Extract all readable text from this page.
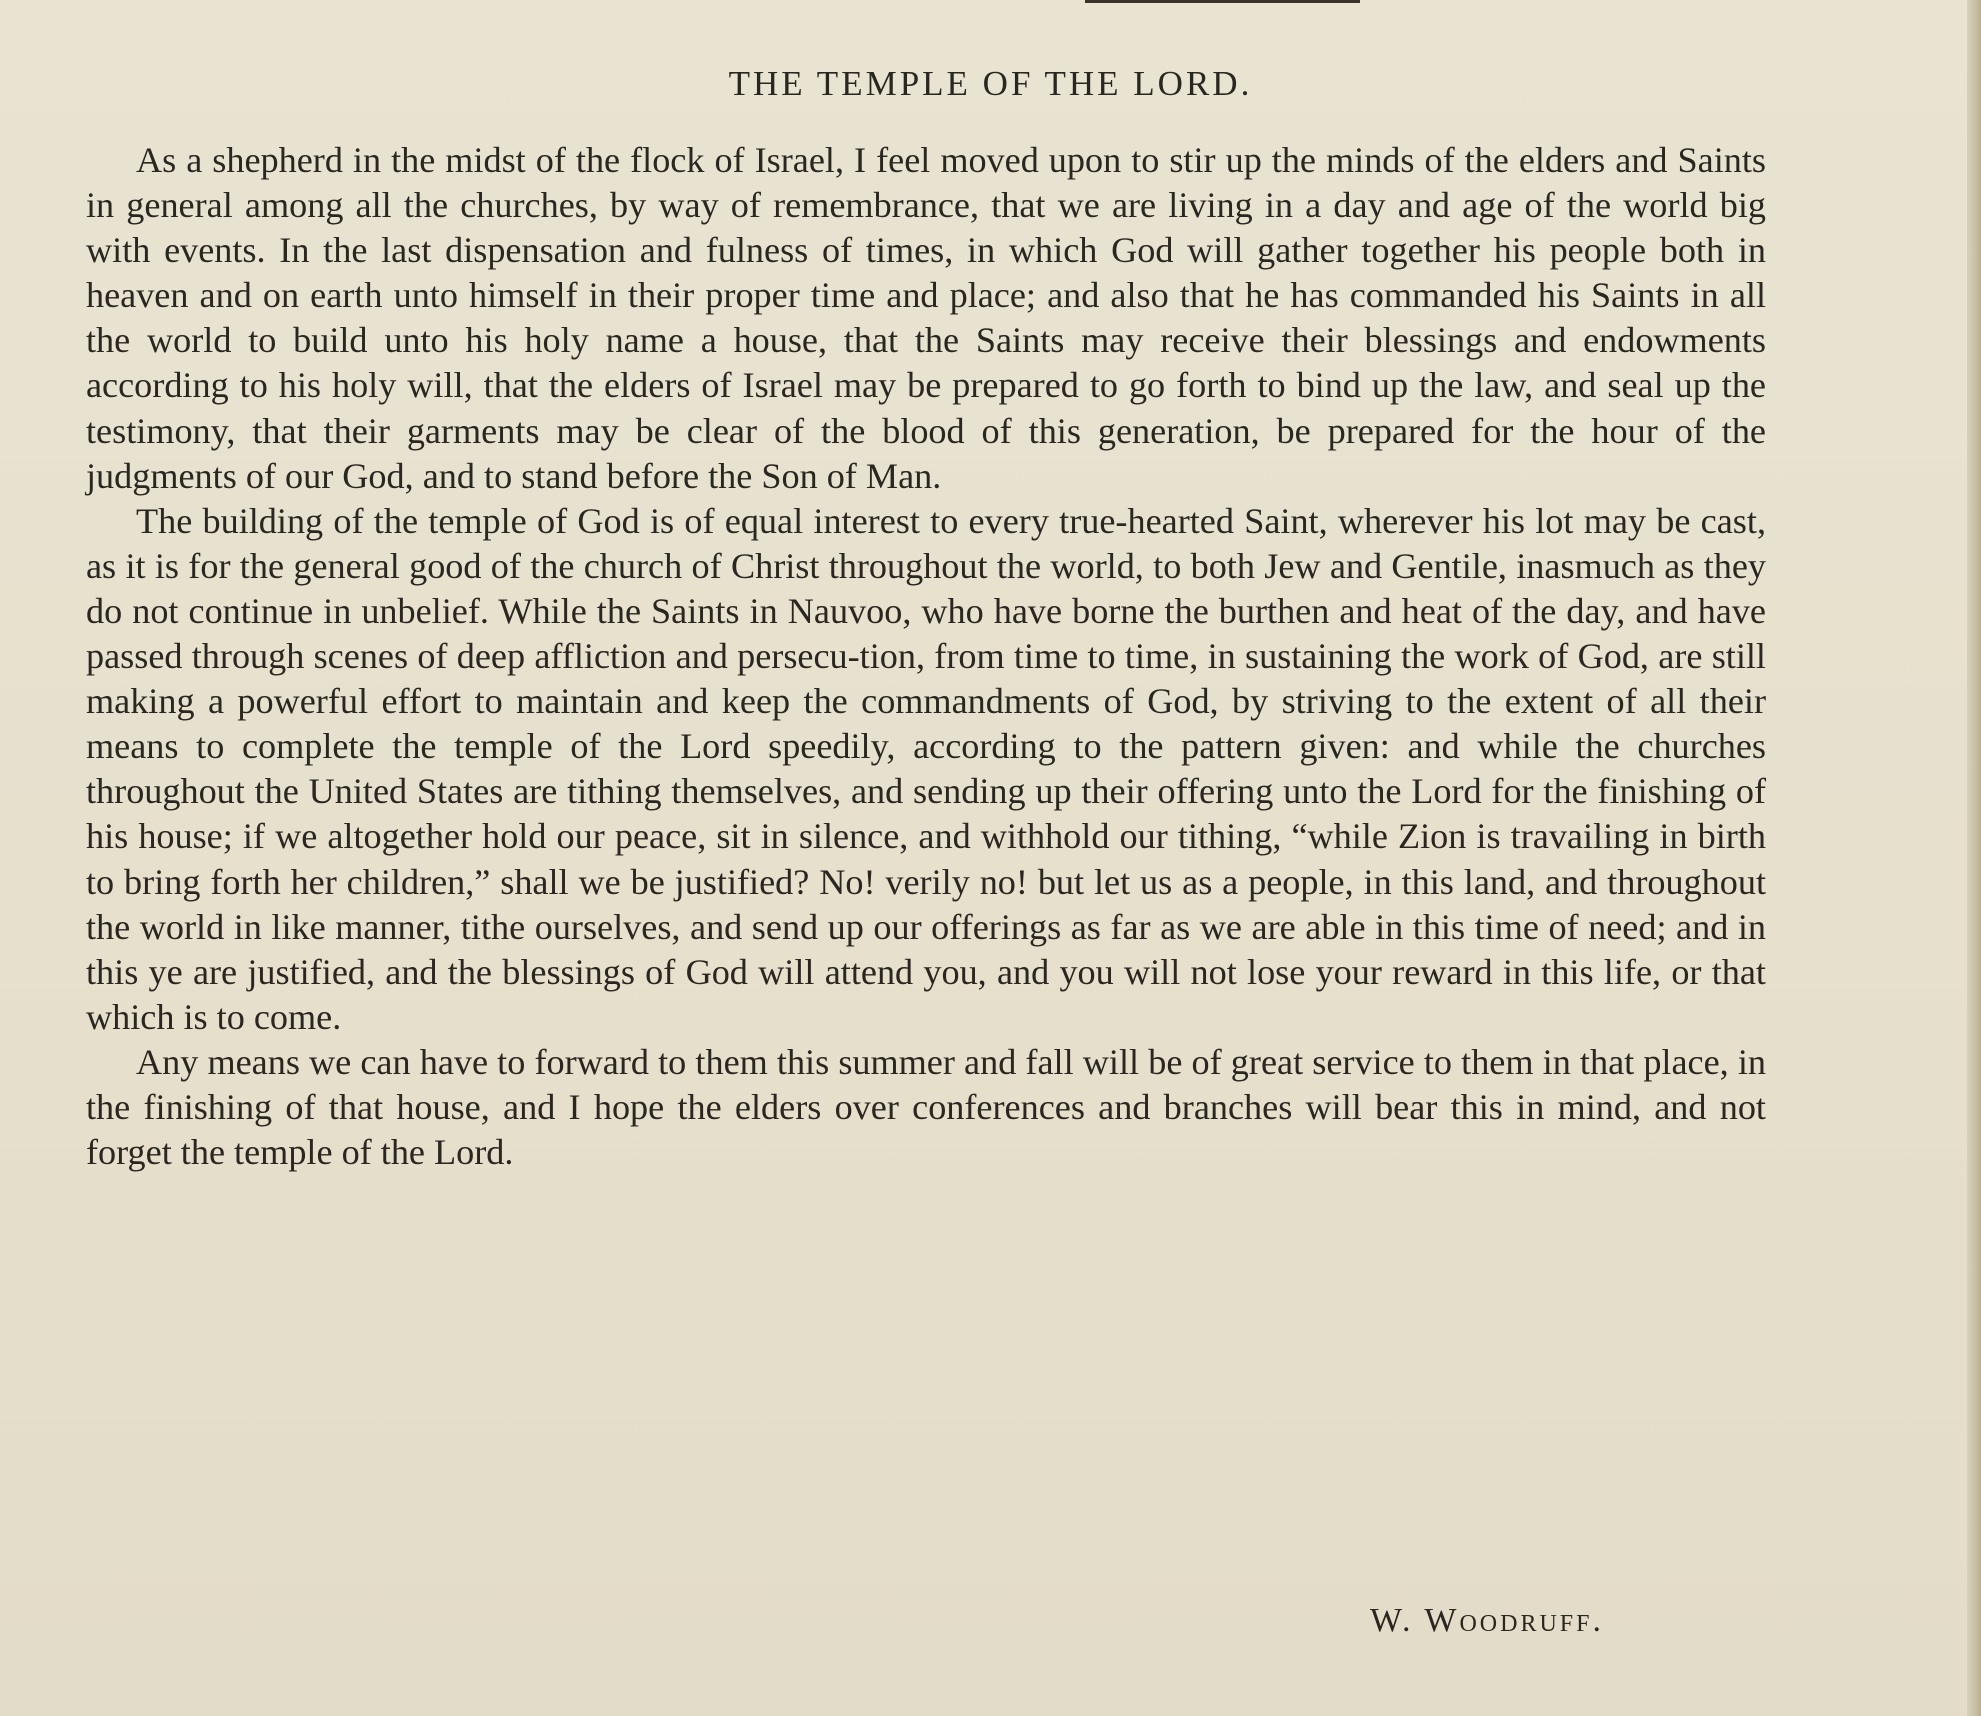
THE TEMPLE OF THE LORD.

As a shepherd in the midst of the flock of Israel, I feel moved upon to stir up the minds of the elders and Saints in general among all the churches, by way of remembrance, that we are living in a day and age of the world big with events. In the last dispensation and fulness of times, in which God will gather together his people both in heaven and on earth unto himself in their proper time and place; and also that he has commanded his Saints in all the world to build unto his holy name a house, that the Saints may receive their blessings and endowments according to his holy will, that the elders of Israel may be prepared to go forth to bind up the law, and seal up the testimony, that their garments may be clear of the blood of this generation, be prepared for the hour of the judgments of our God, and to stand before the Son of Man.

The building of the temple of God is of equal interest to every true-hearted Saint, wherever his lot may be cast, as it is for the general good of the church of Christ throughout the world, to both Jew and Gentile, inasmuch as they do not continue in unbelief. While the Saints in Nauvoo, who have borne the burthen and heat of the day, and have passed through scenes of deep affliction and persecu-tion, from time to time, in sustaining the work of God, are still making a powerful effort to maintain and keep the commandments of God, by striving to the extent of all their means to complete the temple of the Lord speedily, according to the pattern given: and while the churches throughout the United States are tithing themselves, and sending up their offering unto the Lord for the finishing of his house; if we altogether hold our peace, sit in silence, and withhold our tithing, “while Zion is travailing in birth to bring forth her children,” shall we be justified? No! verily no! but let us as a people, in this land, and throughout the world in like manner, tithe ourselves, and send up our offerings as far as we are able in this time of need; and in this ye are justified, and the blessings of God will attend you, and you will not lose your reward in this life, or that which is to come.

Any means we can have to forward to them this summer and fall will be of great service to them in that place, in the finishing of that house, and I hope the elders over conferences and branches will bear this in mind, and not forget the temple of the Lord.

W. Woodruff.
